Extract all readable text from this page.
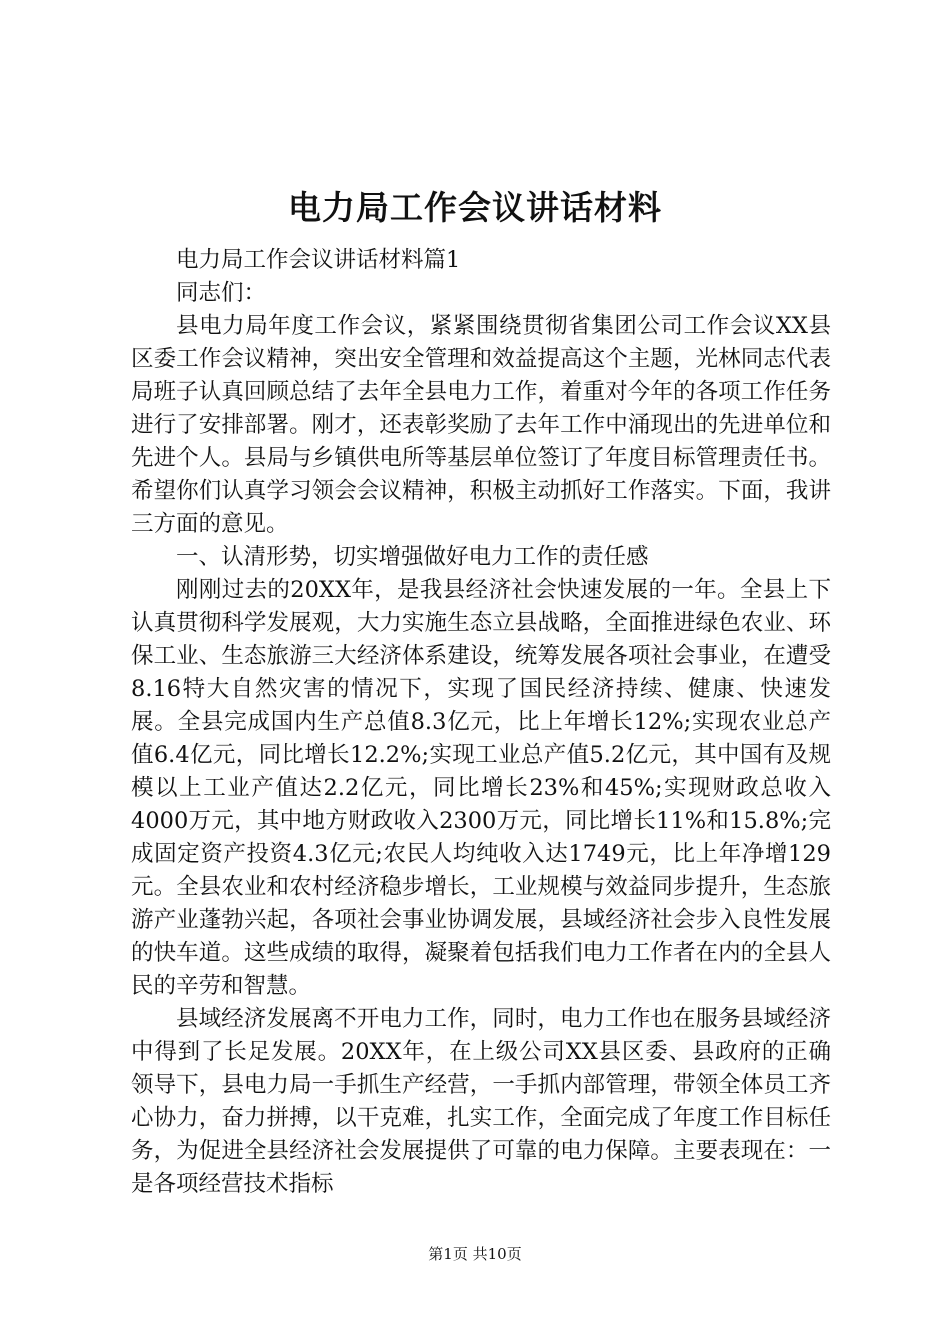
电力局工作会议讲话材料

电力局工作会议讲话材料篇1

同志们：

县电力局年度工作会议，紧紧围绕贯彻省集团公司工作会议XX县区委工作会议精神，突出安全管理和效益提高这个主题，光林同志代表局班子认真回顾总结了去年全县电力工作，着重对今年的各项工作任务进行了安排部署。刚才，还表彰奖励了去年工作中涌现出的先进单位和先进个人。县局与乡镇供电所等基层单位签订了年度目标管理责任书。希望你们认真学习领会会议精神，积极主动抓好工作落实。下面，我讲三方面的意见。

一、认清形势，切实增强做好电力工作的责任感

刚刚过去的20XX年，是我县经济社会快速发展的一年。全县上下认真贯彻科学发展观，大力实施生态立县战略，全面推进绿色农业、环保工业、生态旅游三大经济体系建设，统筹发展各项社会事业，在遭受8.16特大自然灾害的情况下，实现了国民经济持续、健康、快速发展。全县完成国内生产总值8.3亿元，比上年增长12%;实现农业总产值6.4亿元，同比增长12.2%;实现工业总产值5.2亿元，其中国有及规模以上工业产值达2.2亿元，同比增长23%和45%;实现财政总收入4000万元，其中地方财政收入2300万元，同比增长11%和15.8%;完成固定资产投资4.3亿元;农民人均纯收入达1749元，比上年净增129元。全县农业和农村经济稳步增长，工业规模与效益同步提升，生态旅游产业蓬勃兴起，各项社会事业协调发展，县域经济社会步入良性发展的快车道。这些成绩的取得，凝聚着包括我们电力工作者在内的全县人民的辛劳和智慧。

县域经济发展离不开电力工作，同时，电力工作也在服务县域经济中得到了长足发展。20XX年，在上级公司XX县区委、县政府的正确领导下，县电力局一手抓生产经营，一手抓内部管理，带领全体员工齐心协力，奋力拼搏，以干克难，扎实工作，全面完成了年度工作目标任务，为促进全县经济社会发展提供了可靠的电力保障。主要表现在：一是各项经营技术指标

第1页 共10页
